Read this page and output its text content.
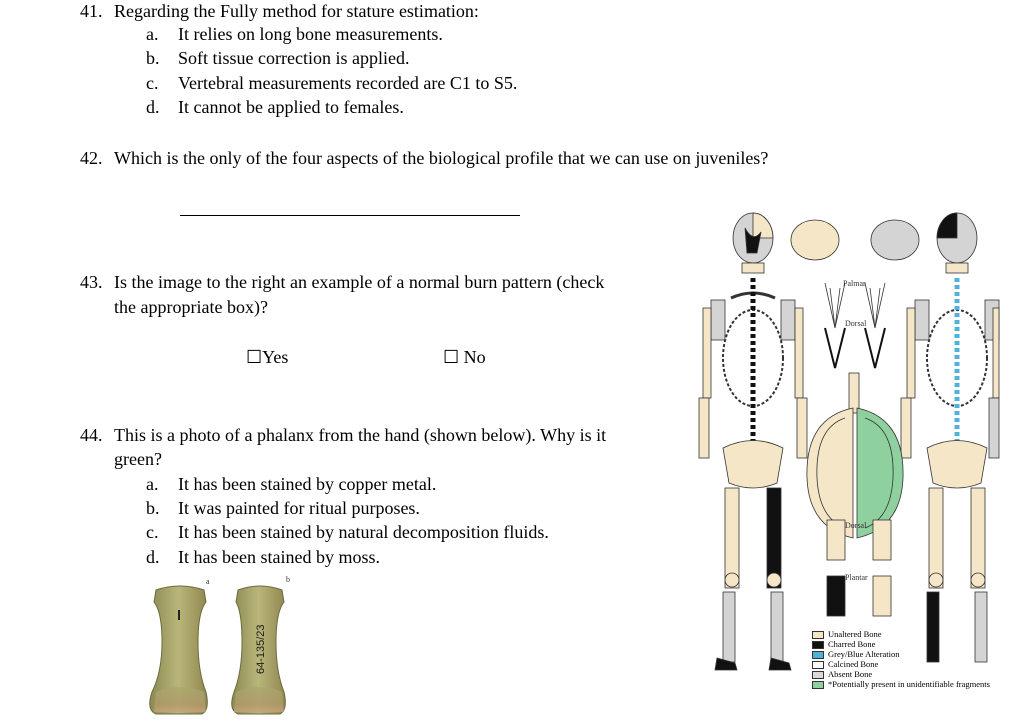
41. Regarding the Fully method for stature estimation:
a. It relies on long bone measurements.
b. Soft tissue correction is applied.
c. Vertebral measurements recorded are C1 to S5.
d. It cannot be applied to females.
42. Which is the only of the four aspects of the biological profile that we can use on juveniles?
43. Is the image to the right an example of a normal burn pattern (check
the appropriate box)?
☐Yes	☐ No
44. This is a photo of a phalanx from the hand (shown below). Why is it
green?
a. It has been stained by copper metal.
b. It was painted for ritual purposes.
c. It has been stained by natural decomposition fluids.
d. It has been stained by moss.
a	b
64-135/23
Palmar
Dorsal
Dorsal
Plantar
Unaltered Bone
Charred Bone
Grey/Blue Alteration
Calcined Bone
Absent Bone
*Potentially present in unidentifiable fragments
